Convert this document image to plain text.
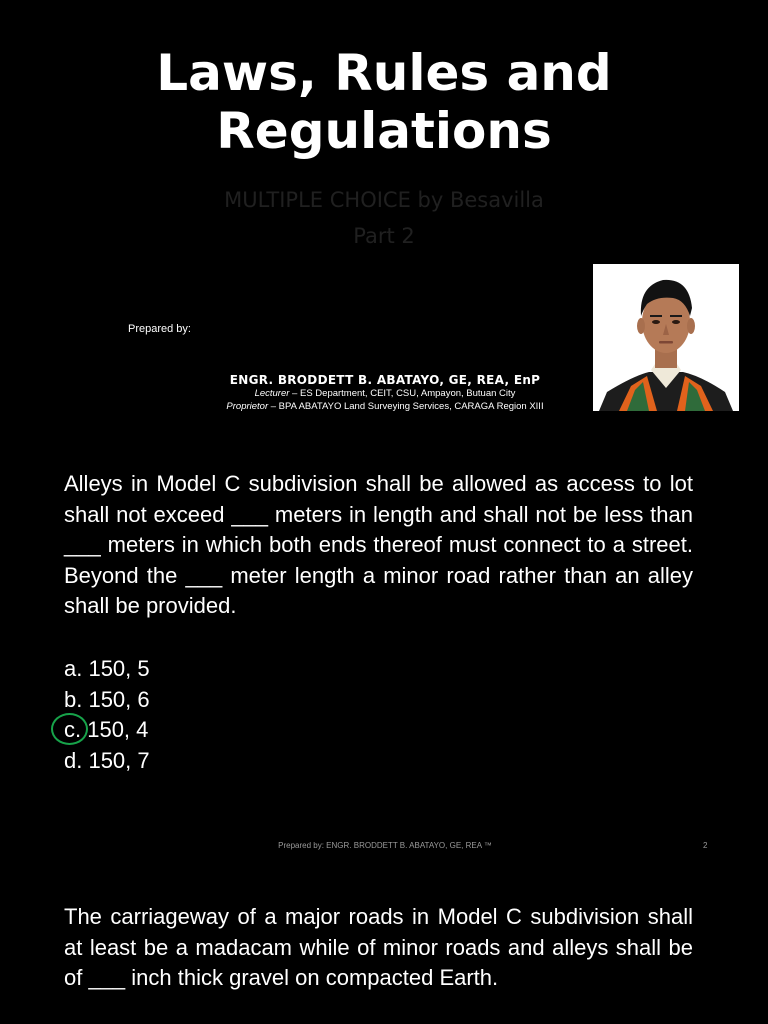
Laws, Rules and Regulations
MULTIPLE CHOICE by Besavilla
Part 2
Prepared by:
ENGR. BRODDETT B. ABATAYO, GE, REA, EnP
Lecturer – ES Department, CEIT, CSU, Ampayon, Butuan City
Proprietor – BPA ABATAYO Land Surveying Services, CARAGA Region XIII

Alleys in Model C subdivision shall be allowed as access to lot shall not exceed ___ meters in length and shall not be less than ___ meters in which both ends thereof must connect to a street. Beyond the ___ meter length a minor road rather than an alley shall be provided.

a. 150, 5
b. 150, 6
c. 150, 4
d. 150, 7
Prepared by: ENGR. BRODDETT B. ABATAYO, GE, REA ™	2

The carriageway of a major roads in Model C subdivision shall at least be a madacam while of minor roads and alleys shall be of ___ inch thick gravel on compacted Earth.
